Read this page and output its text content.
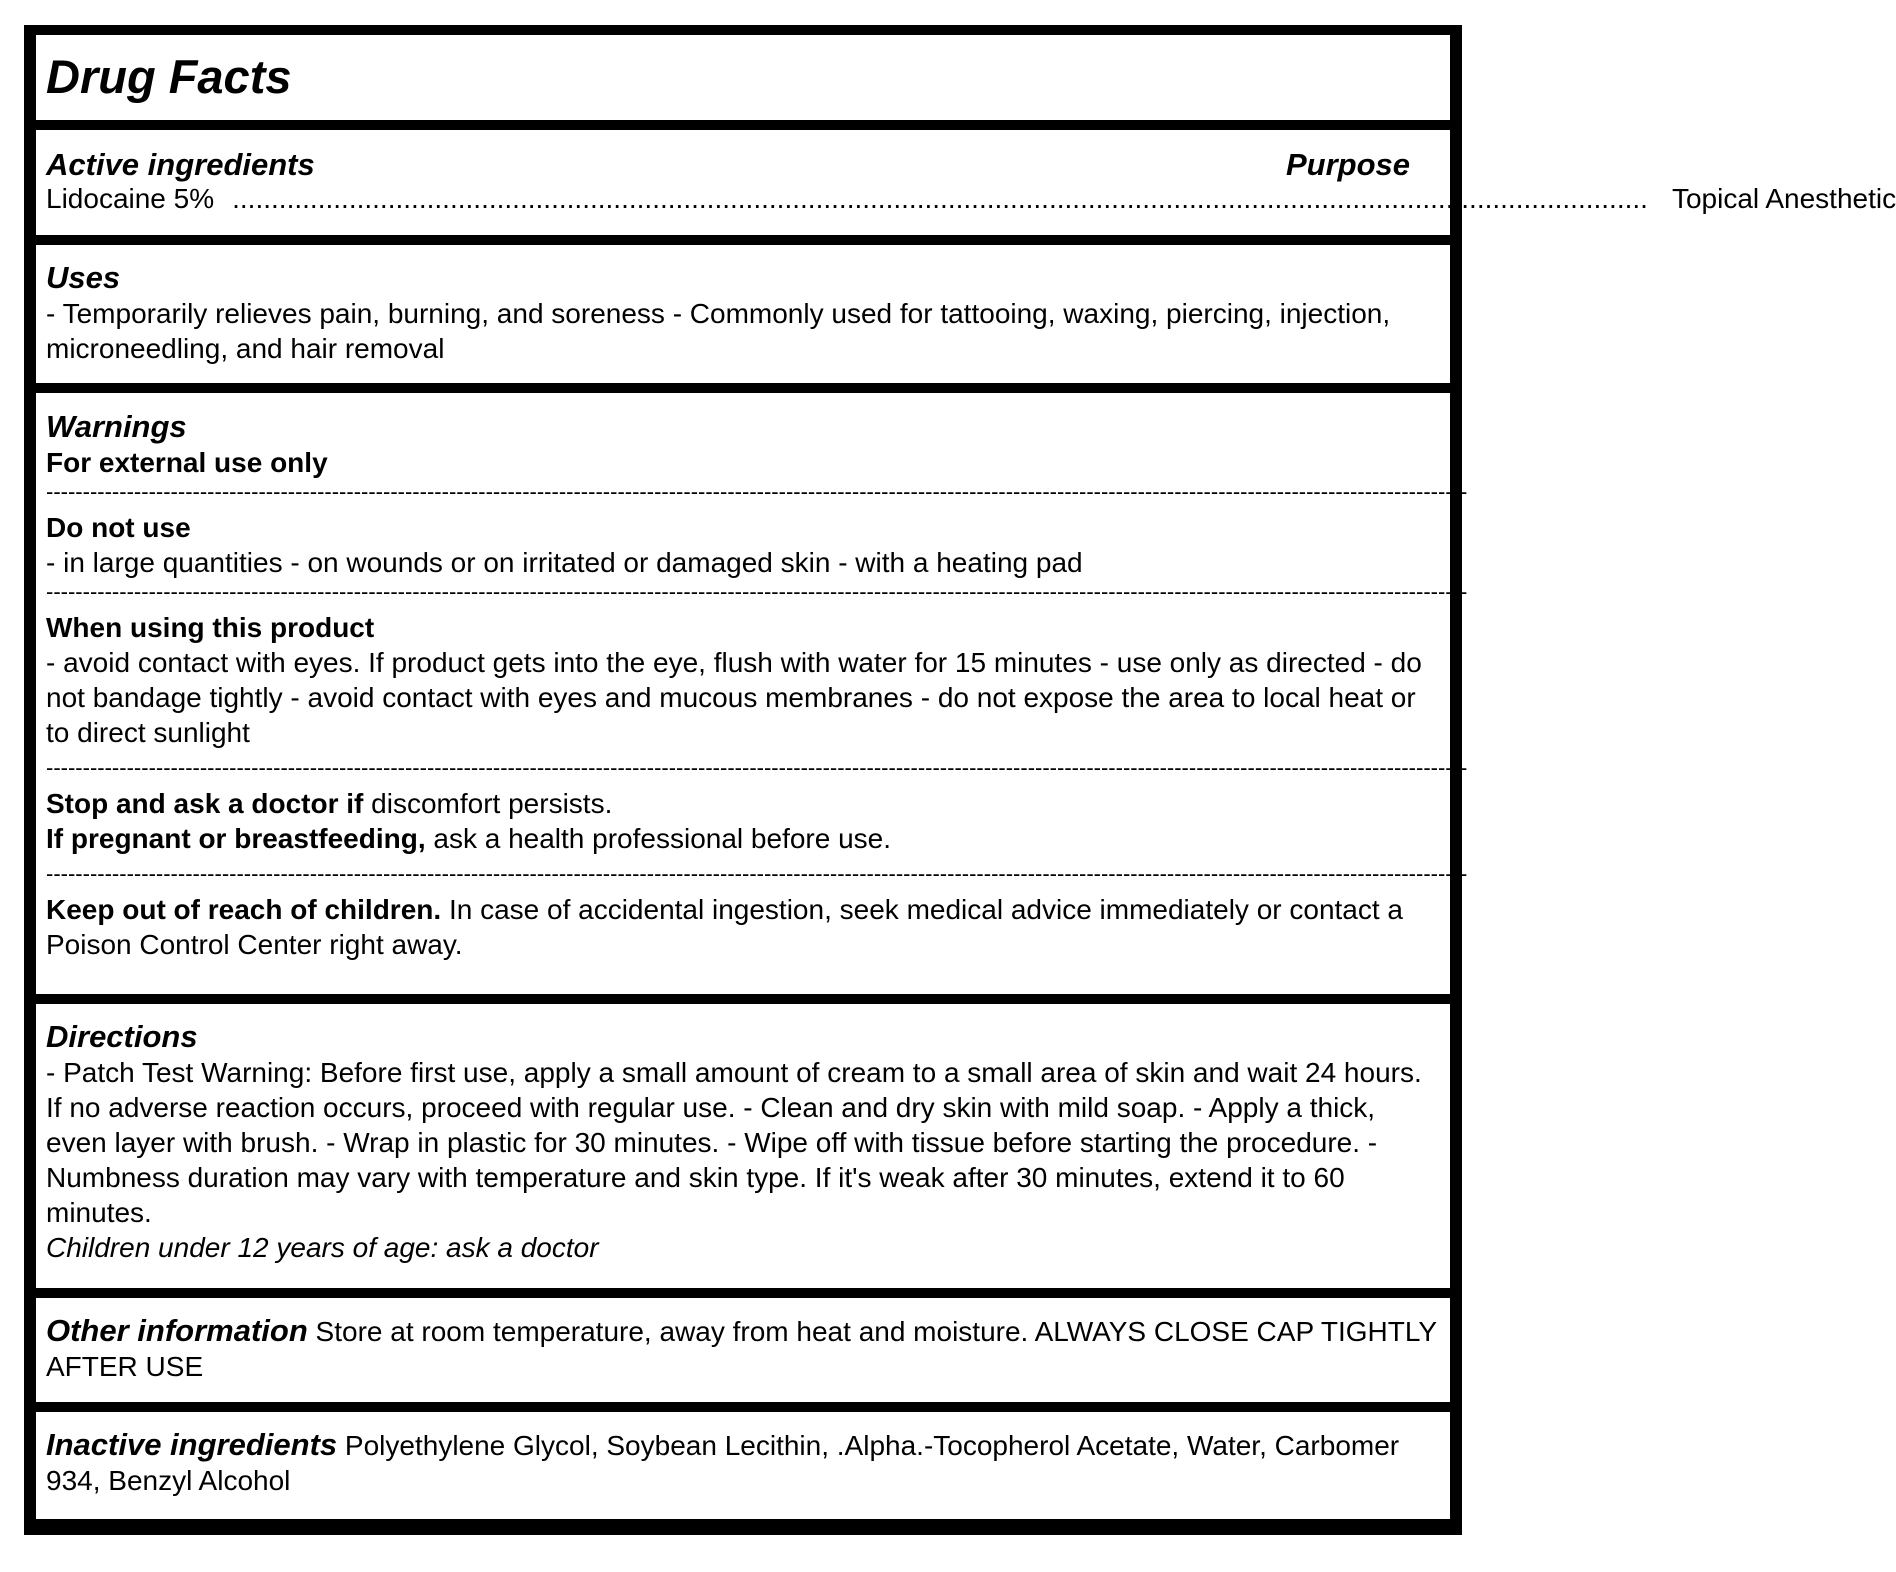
Drug Facts
Active ingredients	Purpose
Lidocaine 5% ...................................................................................................................................................................................... Topical Anesthetic
Uses
- Temporarily relieves pain, burning, and soreness - Commonly used for tattooing, waxing, piercing, injection, microneedling, and hair removal
Warnings
For external use only
--------------------------------------------------------------------------------------------------------------------------------------------------------------------------------------------------
Do not use
- in large quantities - on wounds or on irritated or damaged skin - with a heating pad
--------------------------------------------------------------------------------------------------------------------------------------------------------------------------------------------------
When using this product
- avoid contact with eyes. If product gets into the eye, flush with water for 15 minutes - use only as directed - do not bandage tightly - avoid contact with eyes and mucous membranes - do not expose the area to local heat or to direct sunlight
--------------------------------------------------------------------------------------------------------------------------------------------------------------------------------------------------
Stop and ask a doctor if discomfort persists.
If pregnant or breastfeeding, ask a health professional before use.
--------------------------------------------------------------------------------------------------------------------------------------------------------------------------------------------------
Keep out of reach of children. In case of accidental ingestion, seek medical advice immediately or contact a Poison Control Center right away.
Directions
- Patch Test Warning: Before first use, apply a small amount of cream to a small area of skin and wait 24 hours. If no adverse reaction occurs, proceed with regular use. - Clean and dry skin with mild soap. - Apply a thick, even layer with brush. - Wrap in plastic for 30 minutes. - Wipe off with tissue before starting the procedure. - Numbness duration may vary with temperature and skin type. If it's weak after 30 minutes, extend it to 60 minutes.
Children under 12 years of age: ask a doctor
Other information Store at room temperature, away from heat and moisture. ALWAYS CLOSE CAP TIGHTLY AFTER USE
Inactive ingredients Polyethylene Glycol, Soybean Lecithin, .Alpha.-Tocopherol Acetate, Water, Carbomer 934, Benzyl Alcohol
